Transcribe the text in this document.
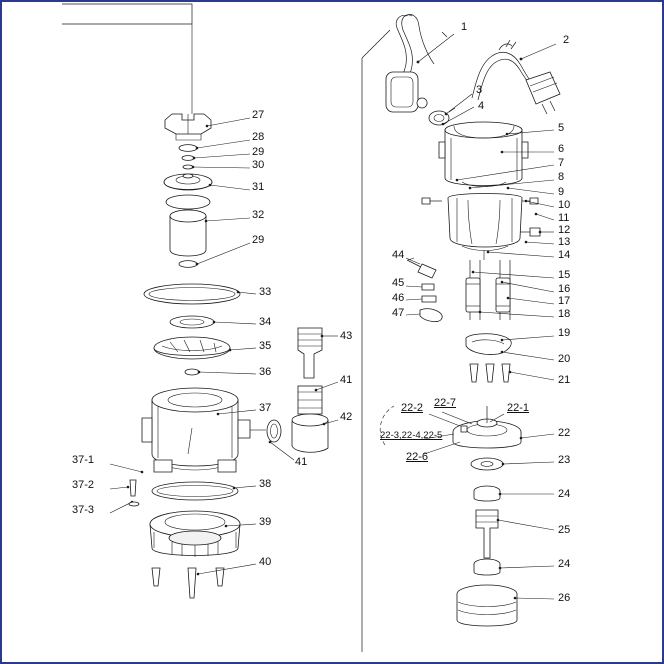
1
2
3
4
5
6
7
8
9
10
11
12
13
14
15
16
17
18
19
20
21
22
23
24
25
24
26
22-1
22-2 22-7
22-3,22-4,22-5
22-6
27
28
29
30
31
32
29
33
34
35
36
37
38
39
40
41
41
42
43
44
45
46
47
37-1
37-2
37-3
